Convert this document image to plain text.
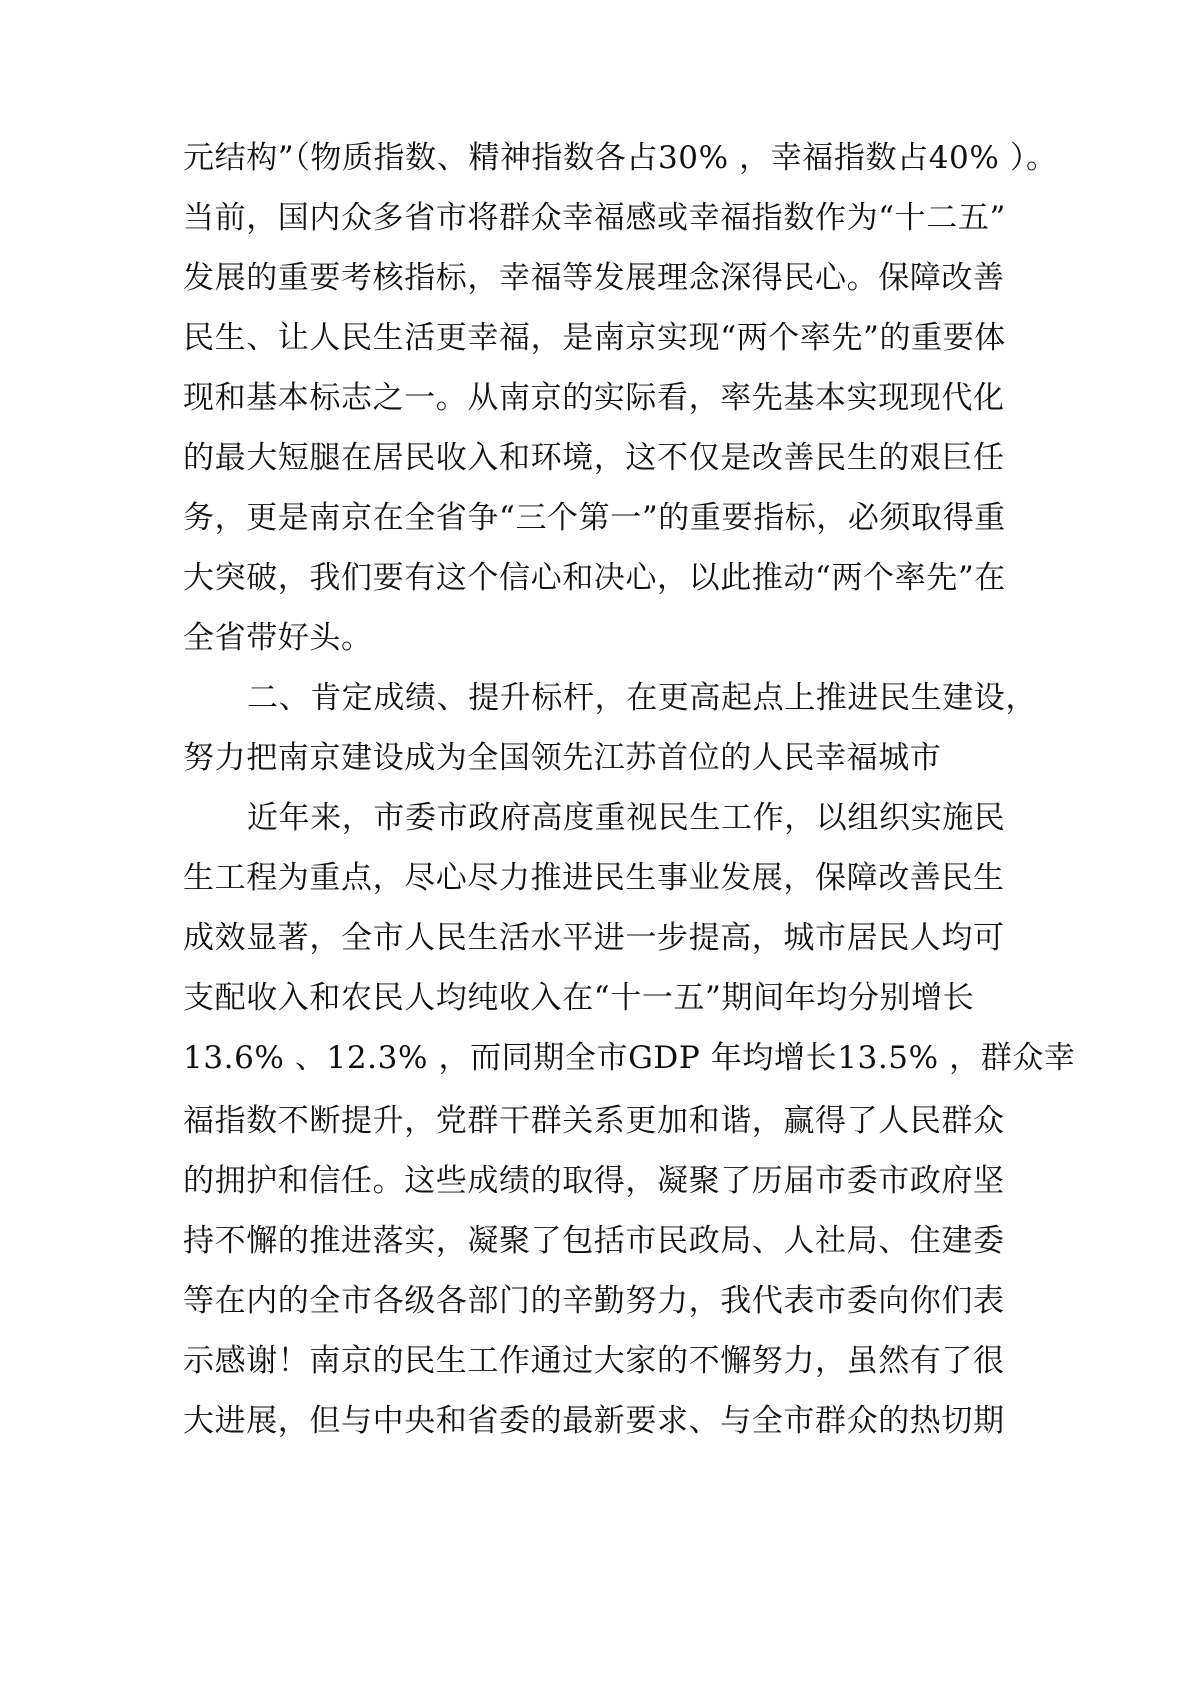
元结构”（物质指数、精神指数各占30% ，幸福指数占40% ）。
当前，国内众多省市将群众幸福感或幸福指数作为“十二五”
发展的重要考核指标，幸福等发展理念深得民心。保障改善
民生、让人民生活更幸福，是南京实现“两个率先”的重要体
现和基本标志之一。从南京的实际看，率先基本实现现代化
的最大短腿在居民收入和环境，这不仅是改善民生的艰巨任
务，更是南京在全省争“三个第一”的重要指标，必须取得重
大突破，我们要有这个信心和决心，以此推动“两个率先”在
全省带好头。
二、肯定成绩、提升标杆，在更高起点上推进民生建设，
努力把南京建设成为全国领先江苏首位的人民幸福城市
近年来，市委市政府高度重视民生工作，以组织实施民
生工程为重点，尽心尽力推进民生事业发展，保障改善民生
成效显著，全市人民生活水平进一步提高，城市居民人均可
支配收入和农民人均纯收入在“十一五”期间年均分别增长
13.6% 、12.3% ，而同期全市GDP 年均增长13.5% ，群众幸
福指数不断提升，党群干群关系更加和谐，赢得了人民群众
的拥护和信任。这些成绩的取得，凝聚了历届市委市政府坚
持不懈的推进落实，凝聚了包括市民政局、人社局、住建委
等在内的全市各级各部门的辛勤努力，我代表市委向你们表
示感谢！南京的民生工作通过大家的不懈努力，虽然有了很
大进展，但与中央和省委的最新要求、与全市群众的热切期
